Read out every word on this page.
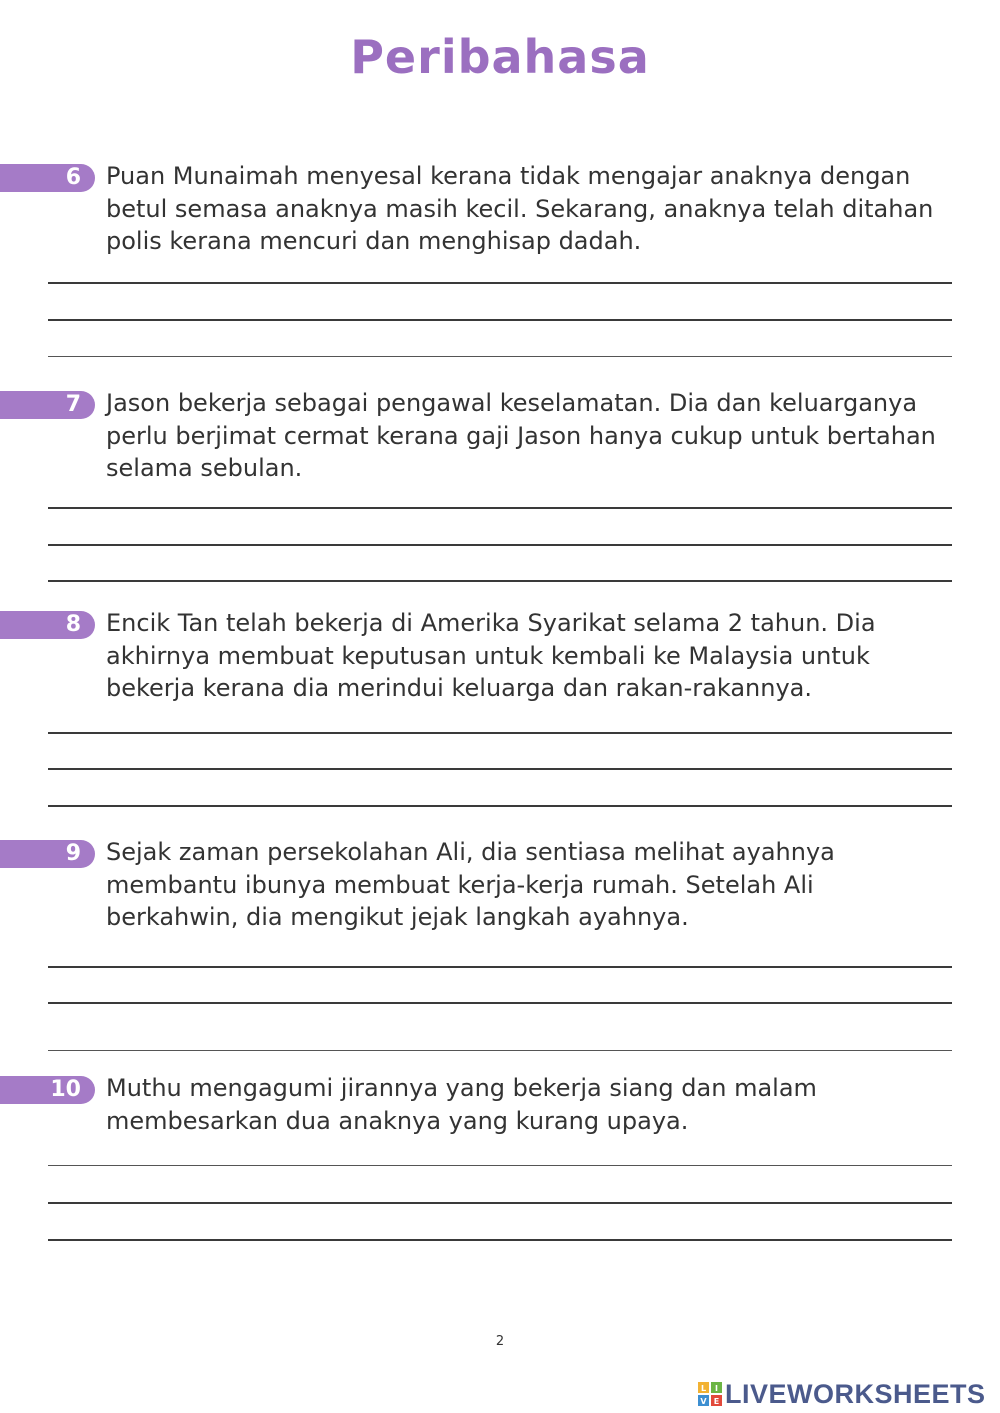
Peribahasa
6	Puan Munaimah menyesal kerana tidak mengajar anaknya dengan
betul semasa anaknya masih kecil. Sekarang, anaknya telah ditahan
polis kerana mencuri dan menghisap dadah.
7	Jason bekerja sebagai pengawal keselamatan. Dia dan keluarganya
perlu berjimat cermat kerana gaji Jason hanya cukup untuk bertahan
selama sebulan.
8	Encik Tan telah bekerja di Amerika Syarikat selama 2 tahun. Dia
akhirnya membuat keputusan untuk kembali ke Malaysia untuk
bekerja kerana dia merindui keluarga dan rakan-rakannya.
9	Sejak zaman persekolahan Ali, dia sentiasa melihat ayahnya
membantu ibunya membuat kerja-kerja rumah. Setelah Ali
berkahwin, dia mengikut jejak langkah ayahnya.
10	Muthu mengagumi jirannya yang bekerja siang dan malam
membesarkan dua anaknya yang kurang upaya.
2
L I
V E LIVEWORKSHEETS
